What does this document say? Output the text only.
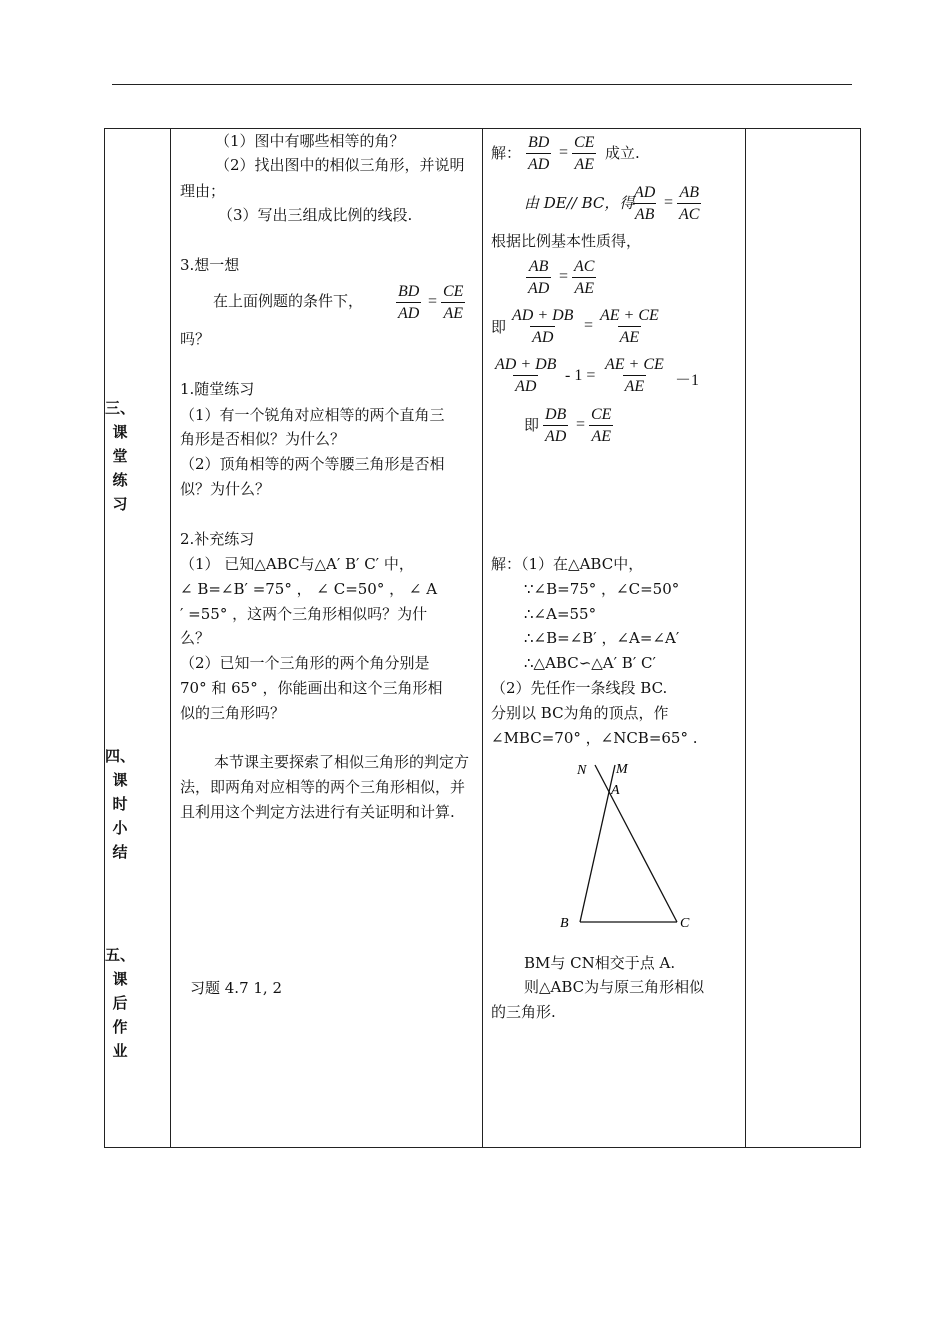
三、
课
堂
练
习
四、
课
时
小
结
五、
课
后
作
业
（1）图中有哪些相等的角？
（2）找出图中的相似三角形，并说明
理由；
（3）写出三组成比例的线段.
3.想一想
在上面例题的条件下， $\frac{BD}{AD} = \frac{CE}{AE}$
吗？
1.随堂练习
（1）有一个锐角对应相等的两个直角三
角形是否相似？为什么？
（2）顶角相等的两个等腰三角形是否相
似？为什么？
2.补充练习
（1） 已知△ABC与△A′ B′ C′ 中，
∠ B=∠B′ =75° ， ∠ C=50° ， ∠ A
′ =55° ，这两个三角形相似吗？为什
么？
（2）已知一个三角形的两个角分别是
70° 和 65° ，你能画出和这个三角形相
似的三角形吗？
本节课主要探索了相似三角形的判定方法，即两角对应相等的两个三角形相似，并且利用这个判定方法进行有关证明和计算.
习题 4.7 1, 2
解： $\frac{BD}{AD} = \frac{CE}{AE}$ 成立.
由 DE// BC，得
$\frac{AD}{AB} = \frac{AB}{AC}$
根据比例基本性质得，
$\frac{AB}{AD} = \frac{AC}{AE}$
即 $\frac{AD + DB}{AD} = \frac{AE + CE}{AE}$
$\frac{AD + DB}{AD} - 1 = \frac{AE + CE}{AE} -1$
即 $\frac{DB}{AD} = \frac{CE}{AE}$
解：（1）在△ABC中，
∵∠B=75° ，∠C=50°
∴∠A=55°
∴∠B=∠B′ ，∠A=∠A′
∴△ABC∽△A′ B′ C′
（2）先任作一条线段 BC.
分别以 BC为角的顶点，作
∠MBC=70° ，∠NCB=65° .
N M
A
B	C
BM与 CN相交于点 A.
则△ABC为与原三角形相似
的三角形.
